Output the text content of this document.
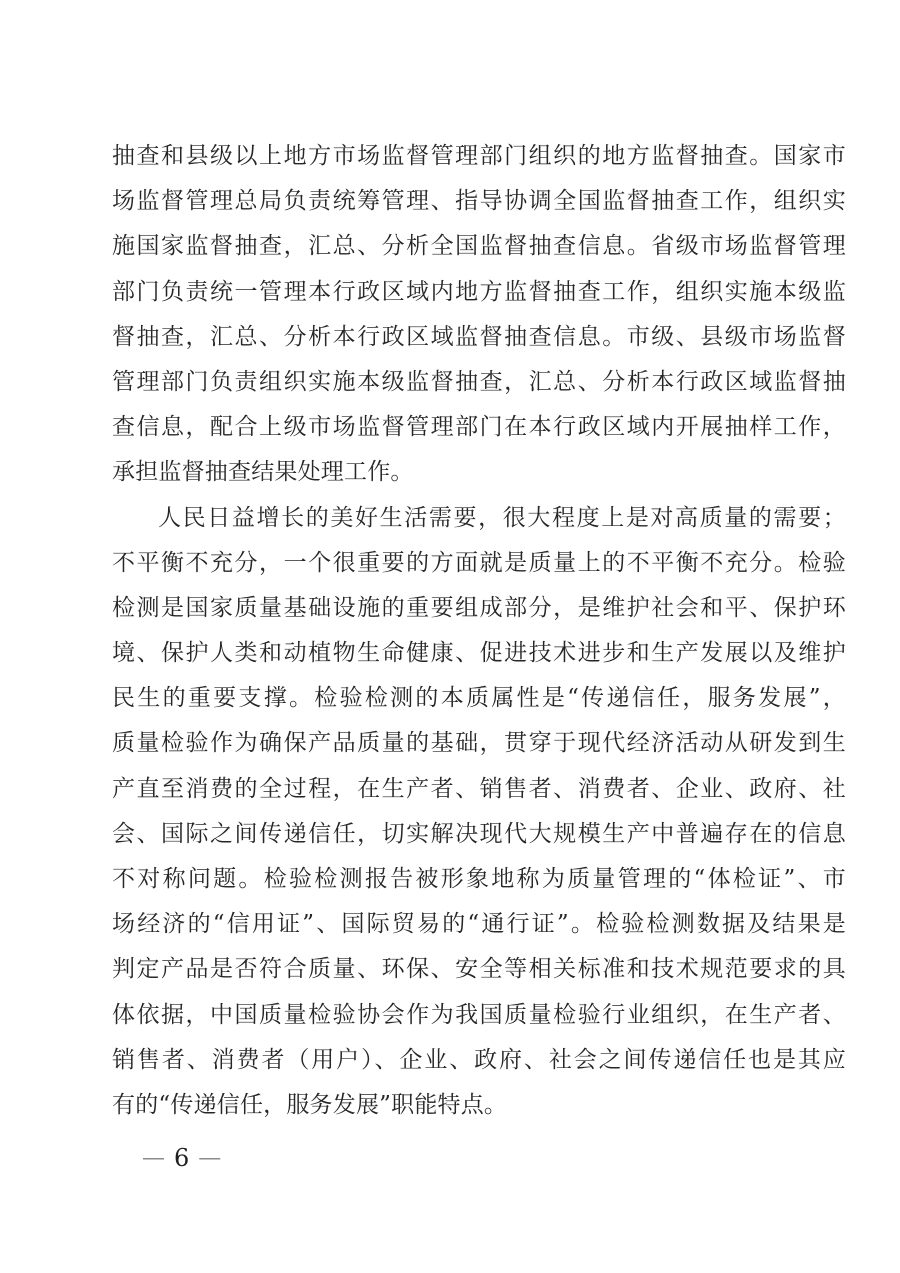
抽查和县级以上地方市场监督管理部门组织的地方监督抽查。国家市
场监督管理总局负责统筹管理、指导协调全国监督抽查工作，组织实
施国家监督抽查，汇总、分析全国监督抽查信息。省级市场监督管理
部门负责统一管理本行政区域内地方监督抽查工作，组织实施本级监
督抽查，汇总、分析本行政区域监督抽查信息。市级、县级市场监督
管理部门负责组织实施本级监督抽查，汇总、分析本行政区域监督抽
查信息，配合上级市场监督管理部门在本行政区域内开展抽样工作，
承担监督抽查结果处理工作。
人民日益增长的美好生活需要，很大程度上是对高质量的需要；
不平衡不充分，一个很重要的方面就是质量上的不平衡不充分。检验
检测是国家质量基础设施的重要组成部分，是维护社会和平、保护环
境、保护人类和动植物生命健康、促进技术进步和生产发展以及维护
民生的重要支撑。检验检测的本质属性是“传递信任，服务发展”，
质量检验作为确保产品质量的基础，贯穿于现代经济活动从研发到生
产直至消费的全过程，在生产者、销售者、消费者、企业、政府、社
会、国际之间传递信任，切实解决现代大规模生产中普遍存在的信息
不对称问题。检验检测报告被形象地称为质量管理的“体检证”、市
场经济的“信用证”、国际贸易的“通行证”。检验检测数据及结果是
判定产品是否符合质量、环保、安全等相关标准和技术规范要求的具
体依据，中国质量检验协会作为我国质量检验行业组织，在生产者、
销售者、消费者（用户）、企业、政府、社会之间传递信任也是其应
有的“传递信任，服务发展”职能特点。
— 6 —
